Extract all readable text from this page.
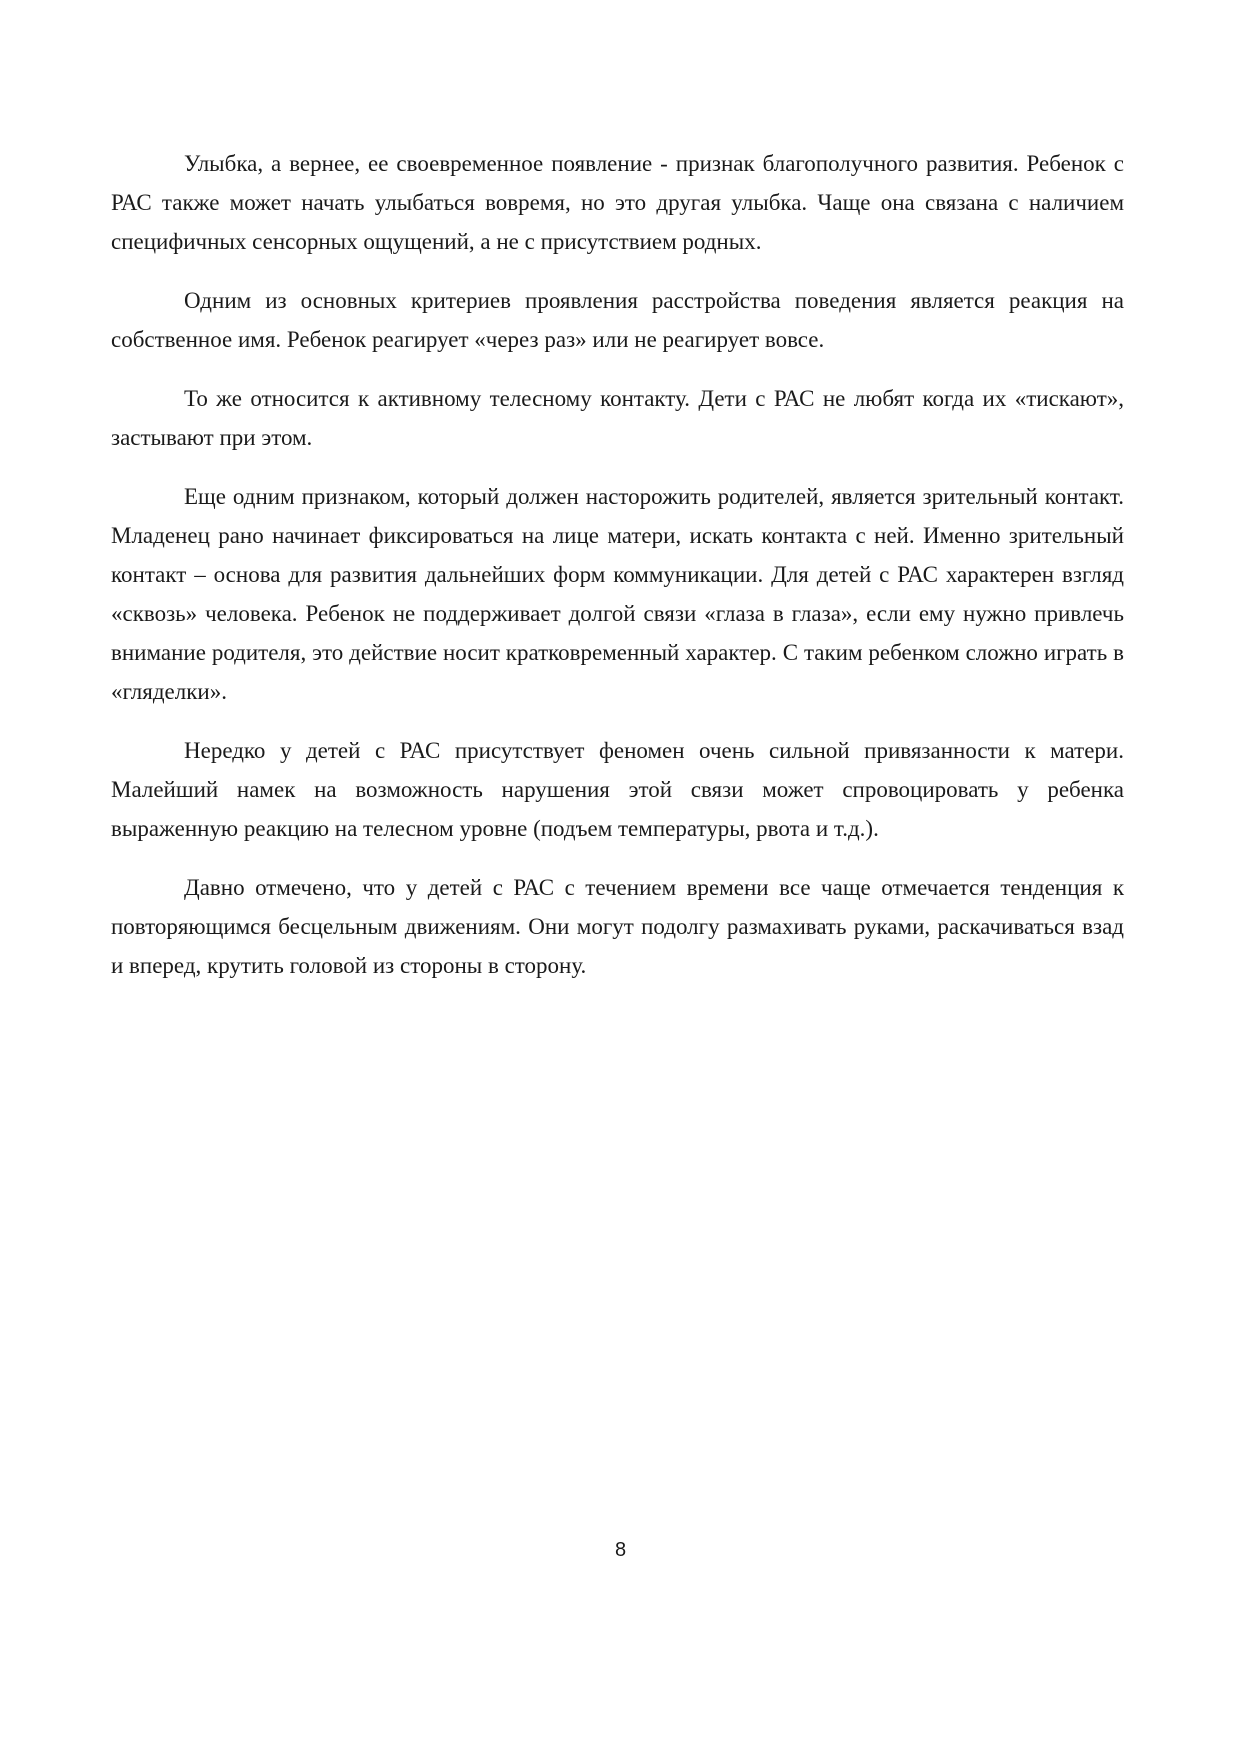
Улыбка, а вернее, ее своевременное появление - признак благополучного развития. Ребенок с РАС также может начать улыбаться вовремя, но это другая улыбка. Чаще она связана с наличием специфичных сенсорных ощущений, а не с присутствием родных.

Одним из основных критериев проявления расстройства поведения является реакция на собственное имя. Ребенок реагирует «через раз» или не реагирует вовсе.

То же относится к активному телесному контакту. Дети с РАС не любят когда их «тискают», застывают при этом.

Еще одним признаком, который должен насторожить родителей, является зрительный контакт. Младенец рано начинает фиксироваться на лице матери, искать контакта с ней. Именно зрительный контакт – основа для развития дальнейших форм коммуникации. Для детей с РАС характерен взгляд «сквозь» человека. Ребенок не поддерживает долгой связи «глаза в глаза», если ему нужно привлечь внимание родителя, это действие носит кратковременный характер. С таким ребенком сложно играть в «гляделки».

Нередко у детей с РАС присутствует феномен очень сильной привязанности к матери. Малейший намек на возможность нарушения этой связи может спровоцировать у ребенка выраженную реакцию на телесном уровне (подъем температуры, рвота и т.д.).

Давно отмечено, что у детей с РАС с течением времени все чаще отмечается тенденция к повторяющимся бесцельным движениям. Они могут подолгу размахивать руками, раскачиваться взад и вперед, крутить головой из стороны в сторону.

8
